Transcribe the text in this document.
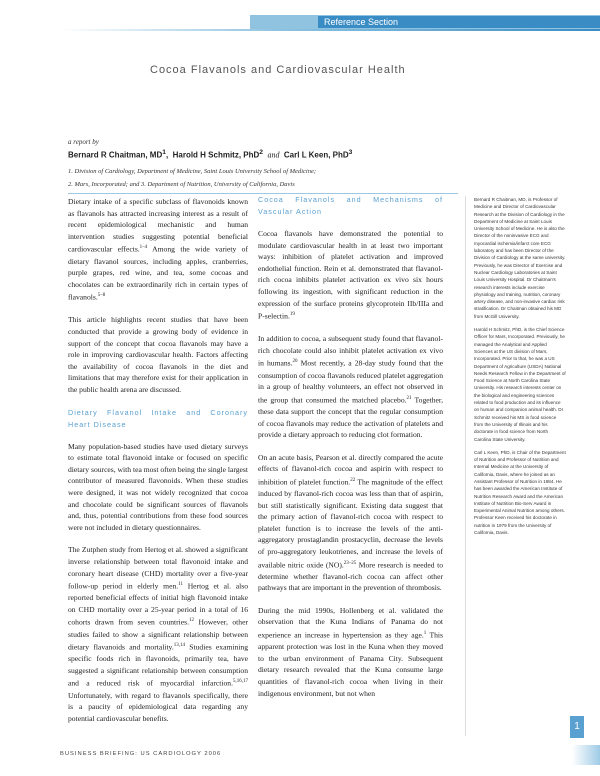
Reference Section
Cocoa Flavanols and Cardiovascular Health
a report by
Bernard R Chaitman, $MD^1$,  Harold H Schmitz, PhD$^2$ and Carl L Keen, PhD$^3$
1. Division of Cardiology, Department of Medicine, Saint Louis University School of Medicine;
2. Mars, Incorporated; and 3. Department of Nutrition, University of California, Davis

Dietary intake of a specific subclass of flavonoids known as flavanols has attracted increasing interest as a result of recent epidemiological mechanistic and human intervention studies suggesting potential beneficial cardiovascular effects.$^{1-4}$ Among the wide variety of dietary flavanol sources, including apples, cranberries, purple grapes, red wine, and tea, some cocoas and chocolates can be extraordinarily rich in certain types of flavanols.$^{5-8}$

This article highlights recent studies that have been conducted that provide a growing body of evidence in support of the concept that cocoa flavanols may have a role in improving cardiovascular health. Factors affecting the availability of cocoa flavanols in the diet and limitations that may therefore exist for their application in the public health arena are discussed.

Dietary Flavanol Intake and Coronary Heart Disease

Many population-based studies have used dietary surveys to estimate total flavonoid intake or focused on specific dietary sources, with tea most often being the single largest contributor of measured flavonoids. When these studies were designed, it was not widely recognized that cocoa and chocolate could be significant sources of flavanols and, thus, potential contributions from these food sources were not included in dietary questionnaires.

The Zutphen study from Hertog et al. showed a significant inverse relationship between total flavonoid intake and coronary heart disease (CHD) mortality over a five-year follow-up period in elderly men.$^{11}$ Hertog et al. also reported beneficial effects of initial high flavonoid intake on CHD mortality over a 25-year period in a total of 16 cohorts drawn from seven countries.$^{12}$ However, other studies failed to show a significant relationship between dietary flavanoids and mortality.$^{13,14}$ Studies examining specific foods rich in flavonoids, primarily tea, have suggested a significant relationship between consumption and a reduced risk of myocardial infarction.$^{5,16,17}$ Unfortunately, with regard to flavanols specifically, there is a paucity of epidemiological data regarding any potential cardiovascular benefits.

Cocoa Flavanols and Mechanisms of Vascular Action

Cocoa flavanols have demonstrated the potential to modulate cardiovascular health in at least two important ways: inhibition of platelet activation and improved endothelial function. Rein et al. demonstrated that flavanol-rich cocoa inhibits platelet activation ex vivo six hours following its ingestion, with significant reduction in the expression of the surface proteins glycoprotein IIb/IIIa and P-selectin.$^{19}$

In addition to cocoa, a subsequent study found that flavanol-rich chocolate could also inhibit platelet activation ex vivo in humans.$^{20}$ Most recently, a 28-day study found that the consumption of cocoa flavanols reduced platelet aggregation in a group of healthy volunteers, an effect not observed in the group that consumed the matched placebo.$^{21}$ Together, these data support the concept that the regular consumption of cocoa flavanols may reduce the activation of platelets and provide a dietary approach to reducing clot formation.

On an acute basis, Pearson et al. directly compared the acute effects of flavanol-rich cocoa and aspirin with respect to inhibition of platelet function.$^{22}$ The magnitude of the effect induced by flavanol-rich cocoa was less than that of aspirin, but still statistically significant. Existing data suggest that the primary action of flavanol-rich cocoa with respect to platelet function is to increase the levels of the anti-aggregatory prostaglandin prostacyclin, decrease the levels of pro-aggregatory leukotrienes, and increase the levels of available nitric oxide (NO).$^{23-25}$ More research is needed to determine whether flavanol-rich cocoa can affect other pathways that are important in the prevention of thrombosis.

During the mid 1990s, Hollenberg et al. validated the observation that the Kuna Indians of Panama do not experience an increase in hypertension as they age.$^1$ This apparent protection was lost in the Kuna when they moved to the urban environment of Panama City. Subsequent dietary research revealed that the Kuna consume large quantities of flavanol-rich cocoa when living in their indigenous environment, but not when

Bernard R Chaitman, MD, is Professor of Medicine and Director of Cardiovascular Research at the Division of Cardiology in the Department of Medicine at Saint Louis University School of Medicine. He is also the Director of the noninvasive ECG and myocardial ischemia/infarct core ECG laboratory and has been Director of the Division of Cardiology at the same university. Previously, he was Director of Exercise and Nuclear Cardiology Laboratories at Saint Louis University Hospital. Dr Chaitman's research interests include exercise physiology and training, nutrition, coronary artery disease, and non-invasive cardiac risk stratification. Dr Chaitman obtained his MD from McGill University.

Harold H Schmitz, PhD, is the Chief Science Officer for Mars, Incorporated. Previously, he managed the Analytical and Applied Sciences at the US division of Mars, Incorporated. Prior to that, he was a US Department of Agriculture (USDA) National Needs Research Fellow in the Department of Food Science at North Carolina State University. His research interests center on the biological and engineering sciences related to food production and its influence on human and companion animal health. Dr Schmitz received his MS in food science from the University of Illinois and his doctorate in food science from North Carolina State University.

Carl L Keen, PhD, is Chair of the Department of Nutrition and Professor of Nutrition and Internal Medicine at the University of California, Davis, where he joined as an Assistant Professor of Nutrition in 1984. He has been awarded the American Institute of Nutrition Research Award and the American Institute of Nutrition Bio-Serv Award in Experimental Animal Nutrition among others. Professor Keen received his doctorate in nutrition in 1979 from the University of California, Davis.

1
BUSINESS BRIEFING: US CARDIOLOGY 2006
